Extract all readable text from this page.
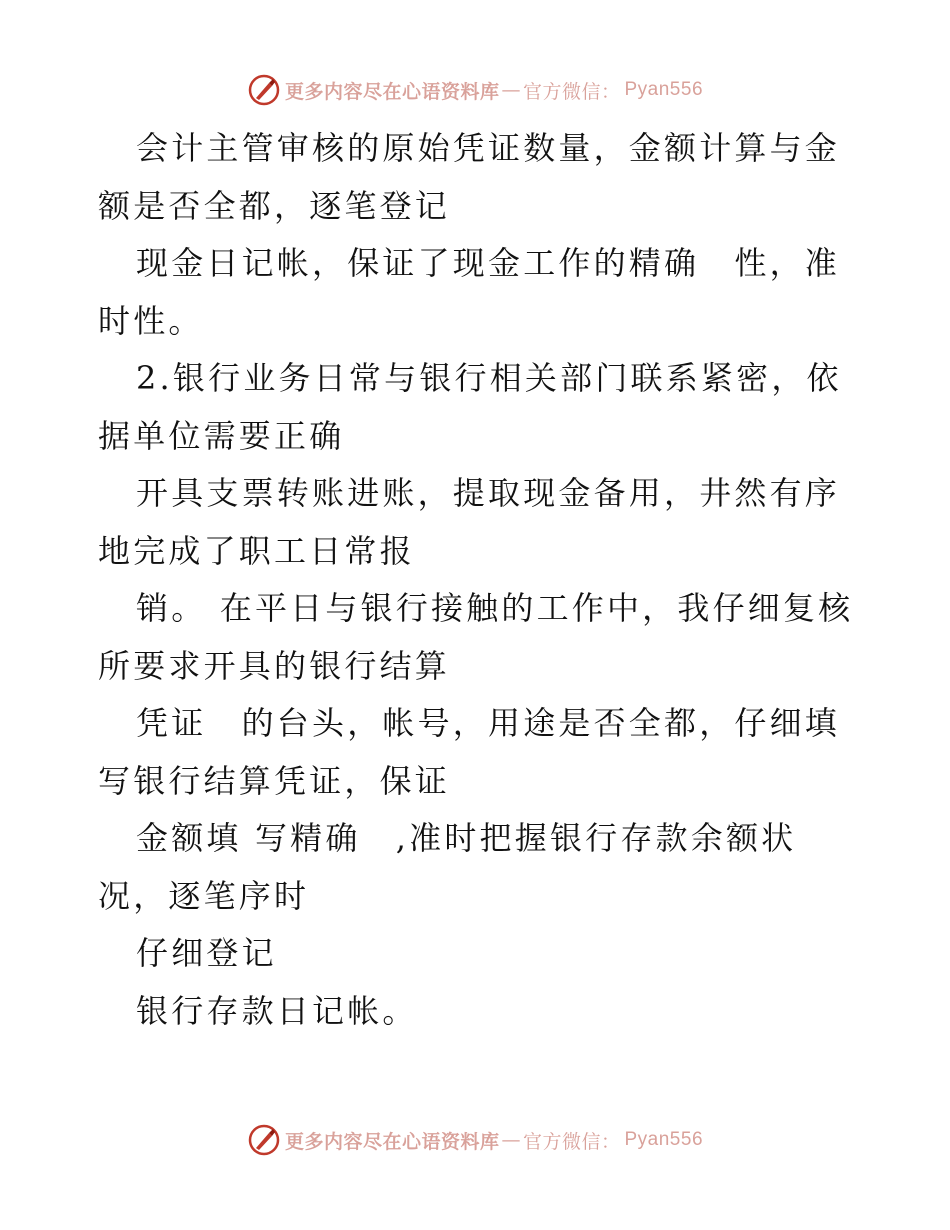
更多内容尽在心语资料库 — 官方微信： Pyan556

会计主管审核的原始凭证数量，金额计算与金额是否全都，逐笔登记

现金日记帐，保证了现金工作的精确　性，准时性。

2.银行业务日常与银行相关部门联系紧密，依据单位需要正确

开具支票转账进账，提取现金备用，井然有序地完成了职工日常报

销。 在平日与银行接触的工作中，我仔细复核所要求开具的银行结算

凭证　的台头，帐号，用途是否全都，仔细填写银行结算凭证，保证

金额填 写精确　,准时把握银行存款余额状况，逐笔序时

仔细登记

银行存款日记帐。

更多内容尽在心语资料库 — 官方微信： Pyan556
